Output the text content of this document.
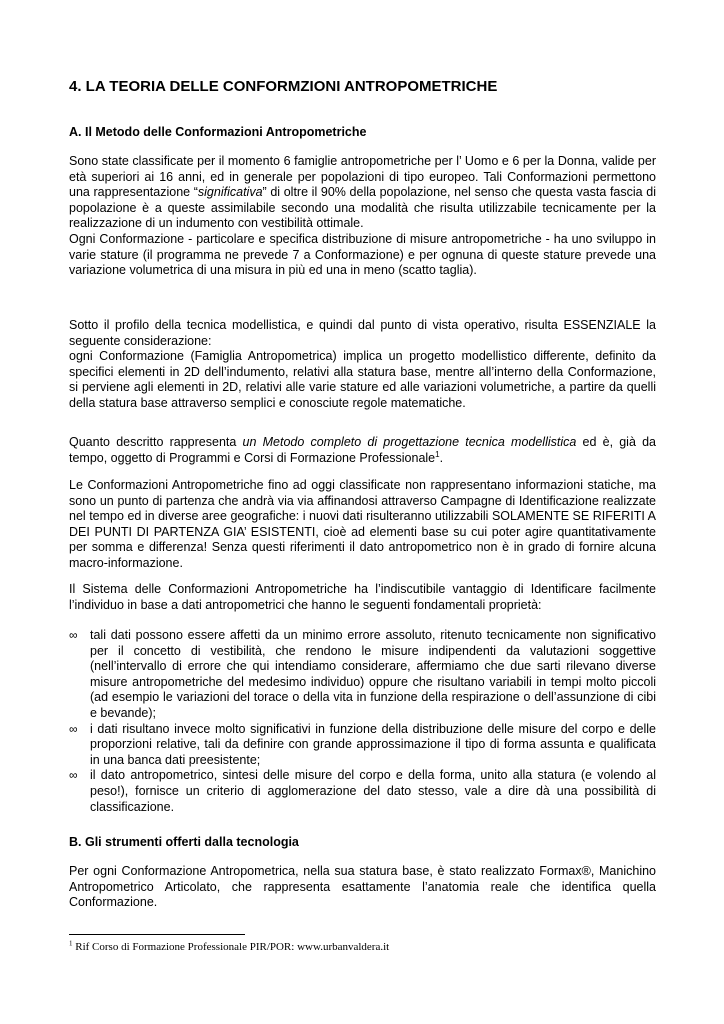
4. LA TEORIA DELLE CONFORMZIONI ANTROPOMETRICHE
A. Il Metodo delle Conformazioni Antropometriche

Sono state classificate per il momento 6 famiglie antropometriche per l’ Uomo e 6 per la Donna, valide per età superiori ai 16 anni, ed in generale per popolazioni di tipo europeo. Tali Conformazioni permettono una rappresentazione “significativa” di oltre il 90% della popolazione, nel senso che questa vasta fascia di popolazione è a queste assimilabile secondo una modalità che risulta utilizzabile tecnicamente per la realizzazione di un indumento con vestibilità ottimale.
Ogni Conformazione - particolare e specifica distribuzione di misure antropometriche - ha uno sviluppo in varie stature (il programma ne prevede 7 a Conformazione) e per ognuna di queste stature prevede una variazione volumetrica di una misura in più ed una in meno (scatto taglia).

Sotto il profilo della tecnica modellistica, e quindi dal punto di vista operativo, risulta ESSENZIALE la seguente considerazione:
ogni Conformazione (Famiglia Antropometrica) implica un progetto modellistico differente, definito da specifici elementi in 2D dell’indumento, relativi alla statura base, mentre all’interno della Conformazione, si perviene agli elementi in 2D, relativi alle varie stature ed alle variazioni volumetriche, a partire da quelli della statura base attraverso semplici e conosciute regole matematiche.

Quanto descritto rappresenta un Metodo completo di progettazione tecnica modellistica ed è, già da tempo, oggetto di Programmi e Corsi di Formazione Professionale$^1$.

Le Conformazioni Antropometriche fino ad oggi classificate non rappresentano informazioni statiche, ma sono un punto di partenza che andrà via via affinandosi attraverso Campagne di Identificazione realizzate nel tempo ed in diverse aree geografiche: i nuovi dati risulteranno utilizzabili SOLAMENTE SE RIFERITI A DEI PUNTI DI PARTENZA GIA’ ESISTENTI, cioè ad elementi base su cui poter agire quantitativamente per somma e differenza! Senza questi riferimenti il dato antropometrico non è in grado di fornire alcuna macro-informazione.

Il Sistema delle Conformazioni Antropometriche ha l’indiscutibile vantaggio di Identificare facilmente l’individuo in base a dati antropometrici che hanno le seguenti fondamentali proprietà:

∞ tali dati possono essere affetti da un minimo errore assoluto, ritenuto tecnicamente non significativo per il concetto di vestibilità, che rendono le misure indipendenti da valutazioni soggettive (nell’intervallo di errore che qui intendiamo considerare, affermiamo che due sarti rilevano diverse misure antropometriche del medesimo individuo) oppure che risultano variabili in tempi molto piccoli (ad esempio le variazioni del torace o della vita in funzione della respirazione o dell’assunzione di cibi e bevande);
∞ i dati risultano invece molto significativi in funzione della distribuzione delle misure del corpo e delle proporzioni relative, tali da definire con grande approssimazione il tipo di forma assunta e qualificata in una banca dati preesistente;
∞ il dato antropometrico, sintesi delle misure del corpo e della forma, unito alla statura (e volendo al peso!), fornisce un criterio di agglomerazione del dato stesso, vale a dire dà una possibilità di classificazione.
B. Gli strumenti offerti dalla tecnologia

Per ogni Conformazione Antropometrica, nella sua statura base, è stato realizzato Formax®, Manichino Antropometrico Articolato, che rappresenta esattamente l’anatomia reale che identifica quella Conformazione.

$^1$ Rif Corso di Formazione Professionale PIR/POR: www.urbanvaldera.it
